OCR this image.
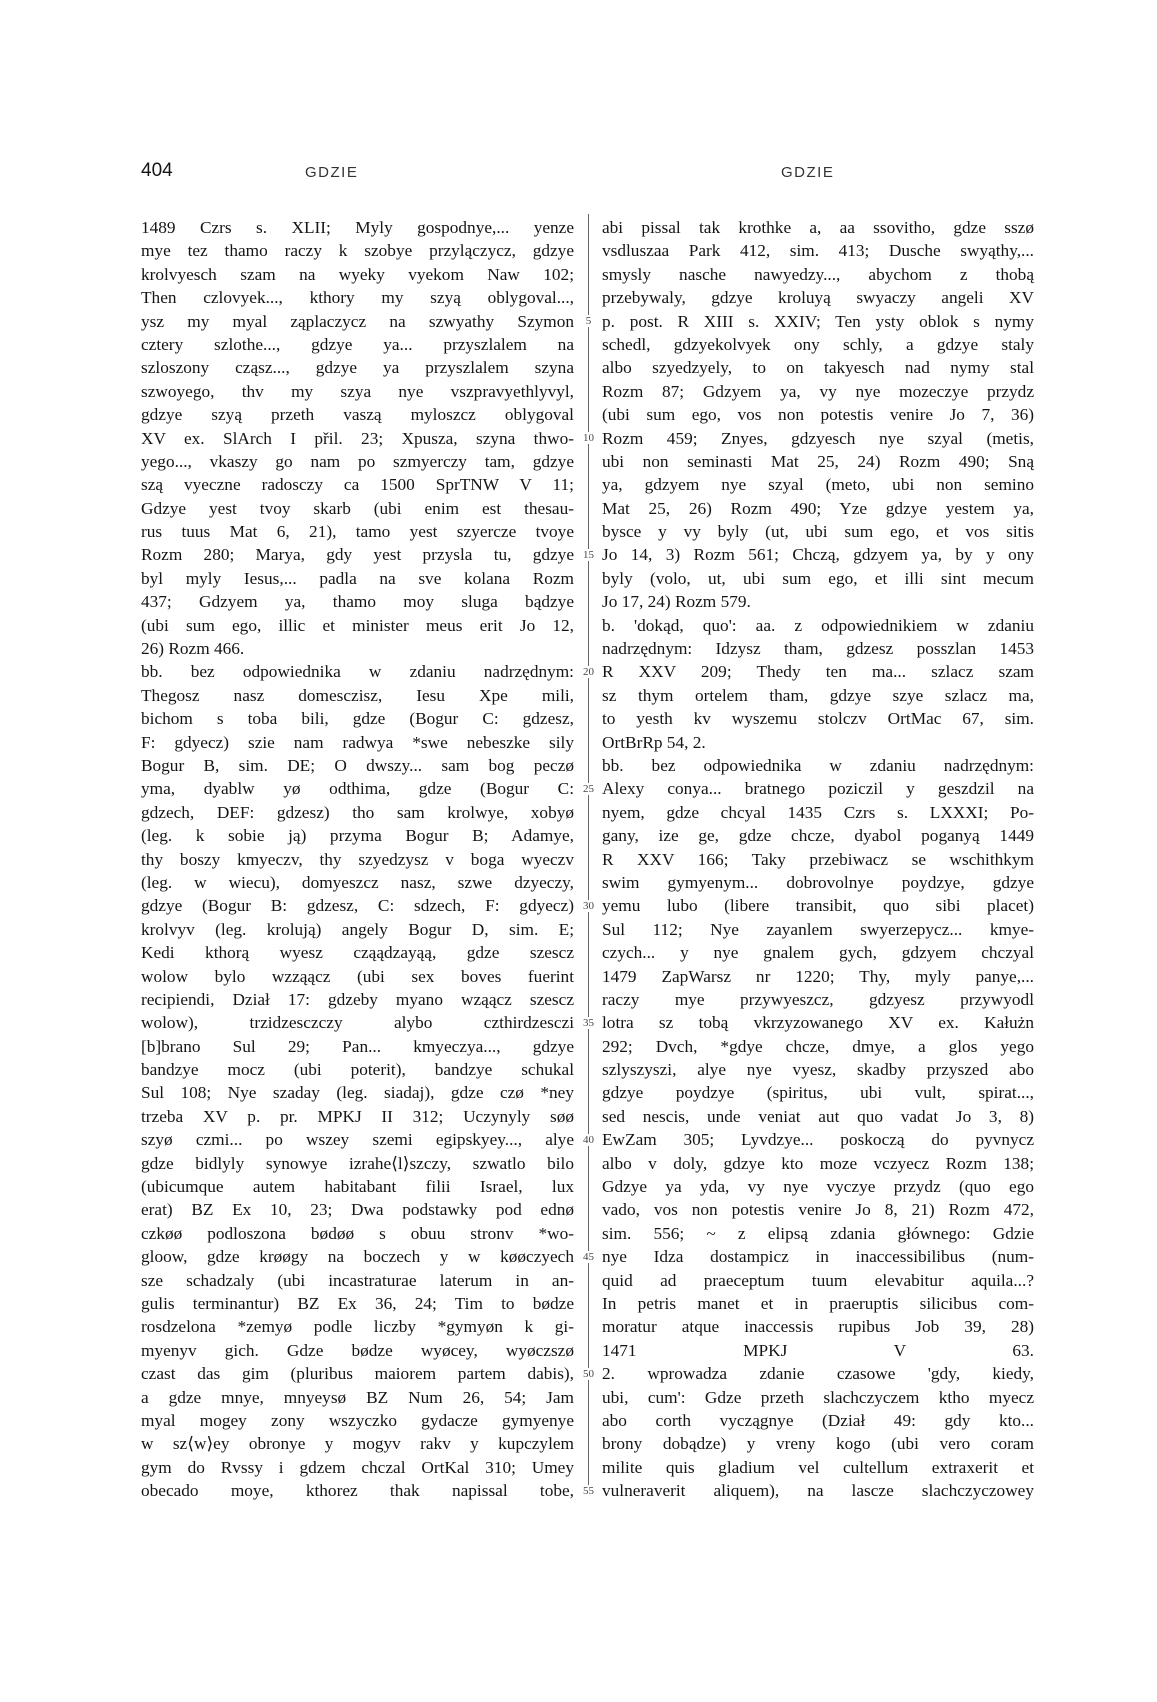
404	GDZIE	GDZIE
1489 Czrs s. XLII; Myly gospodnye,... yenze
mye tez thamo raczy k szobye przylączycz, gdzye
krolvyesch szam na wyeky vyekom Naw 102;
Then czlovyek..., kthory my szyą oblygoval...,
ysz my myal ząplaczycz na szwyathy Szymon
cztery szlothe..., gdzye ya... przyszlalem na
szloszony cząsz..., gdzye ya przyszlalem szyna
szwoyego, thv my szya nye vszpravyethlyvyl,
gdzye szyą przeth vaszą myloszcz oblygoval
XV ex. SlArch I přil. 23; Xpusza, szyna thwo-
yego..., vkaszy go nam po szmyerczy tam, gdzye
szą vyeczne radosczy ca 1500 SprTNW V 11;
Gdzye yest tvoy skarb (ubi enim est thesau-
rus tuus Mat 6, 21), tamo yest szyercze tvoye
Rozm 280; Marya, gdy yest przysla tu, gdzye
byl myly Iesus,... padla na sve kolana Rozm
437; Gdzyem ya, thamo moy sluga bądzye
(ubi sum ego, illic et minister meus erit Jo 12,
26) Rozm 466.
bb. bez odpowiednika w zdaniu nadrzędnym:
Thegosz nasz domesczisz, Iesu Xpe mili,
bichom s toba bili, gdze (Bogur C: gdzesz,
F: gdyecz) szie nam radwya *swe nebeszke sily
Bogur B, sim. DE; O dwszy... sam bog peczø
yma, dyablw yø odthima, gdze (Bogur C:
gdzech, DEF: gdzesz) tho sam krolwye, xobyø
(leg. k sobie ją) przyma Bogur B; Adamye,
thy boszy kmyeczv, thy szyedzysz v boga wyeczv
(leg. w wiecu), domyeszcz nasz, szwe dzyeczy,
gdzye (Bogur B: gdzesz, C: sdzech, F: gdyecz)
krolvyv (leg. krolują) angely Bogur D, sim. E;
Kedi kthorą wyesz cząądzayąą, gdze szescz
wolow bylo wzząącz (ubi sex boves fuerint
recipiendi, Dział 17: gdzeby myano wząącz szescz
wolow), trzidzesczczy alybo czthirdzesczi
[b]brano Sul 29; Pan... kmyeczya..., gdzye
bandzye mocz (ubi poterit), bandzye schukal
Sul 108; Nye szaday (leg. siadaj), gdze czø *ney
trzeba XV p. pr. MPKJ II 312; Uczynyly søø
szyø czmi... po wszey szemi egipskyey..., alye
gdze bidlyly synowye izrahe⟨l⟩szczy, szwatlo bilo
(ubicumque autem habitabant filii Israel, lux
erat) BZ Ex 10, 23; Dwa podstawky pod ednø
czkøø podloszona bødøø s obuu stronv *wo-
gloow, gdze krøøgy na boczech y w køøczyech
sze schadzaly (ubi incastraturae laterum in an-
gulis terminantur) BZ Ex 36, 24; Tim to bødze
rosdzelona *zemyø podle liczby *gymyøn k gi-
myenyv gich. Gdze bødze wyøcey, wyøczszø
czast das gim (pluribus maiorem partem dabis),
a gdze mnye, mnyeysø BZ Num 26, 54; Jam
myal mogey zony wszyczko gydacze gymyenye
w sz⟨w⟩ey obronye y mogyv rakv y kupczylem
gym do Rvssy i gdzem chczal OrtKal 310; Umey
obecado moye, kthorez thak napissal tobe,
5
10
15
20
25
30
35
40
45
50
55
abi pissal tak krothke a, aa ssovitho, gdze sszø
vsdluszaa Park 412, sim. 413; Dusche swyąthy,...
smysly nasche nawyedzy..., abychom z thobą
przebywaly, gdzye kroluyą swyaczy angeli XV
p. post. R XIII s. XXIV; Ten ysty oblok s nymy
schedl, gdzyekolvyek ony schly, a gdzye staly
albo szyedzyely, to on takyesch nad nymy stal
Rozm 87; Gdzyem ya, vy nye mozeczye przydz
(ubi sum ego, vos non potestis venire Jo 7, 36)
Rozm 459; Znyes, gdzyesch nye szyal (metis,
ubi non seminasti Mat 25, 24) Rozm 490; Sną
ya, gdzyem nye szyal (meto, ubi non semino
Mat 25, 26) Rozm 490; Yze gdzye yestem ya,
bysce y vy byly (ut, ubi sum ego, et vos sitis
Jo 14, 3) Rozm 561; Chczą, gdzyem ya, by y ony
byly (volo, ut, ubi sum ego, et illi sint mecum
Jo 17, 24) Rozm 579.
b. 'dokąd, quo': aa. z odpowiednikiem w zdaniu
nadrzędnym: Idzysz tham, gdzesz posszlan 1453
R XXV 209; Thedy ten ma... szlacz szam
sz thym ortelem tham, gdzye szye szlacz ma,
to yesth kv wyszemu stolczv OrtMac 67, sim.
OrtBrRp 54, 2.
bb. bez odpowiednika w zdaniu nadrzędnym:
Alexy conya... bratnego poziczil y geszdzil na
nyem, gdze chcyal 1435 Czrs s. LXXXI; Po-
gany, ize ge, gdze chcze, dyabol poganyą 1449
R XXV 166; Taky przebiwacz se wschithkym
swim gymyenym... dobrovolnye poydzye, gdzye
yemu lubo (libere transibit, quo sibi placet)
Sul 112; Nye zayanlem swyerzepycz... kmye-
czych... y nye gnalem gych, gdzyem chczyal
1479 ZapWarsz nr 1220; Thy, myly panye,...
raczy mye przywyeszcz, gdzyesz przywyodl
lotra sz tobą vkrzyzowanego XV ex. Kałużn
292; Dvch, *gdye chcze, dmye, a glos yego
szlyszyszi, alye nye vyesz, skadby przyszed abo
gdzye poydzye (spiritus, ubi vult, spirat...,
sed nescis, unde veniat aut quo vadat Jo 3, 8)
EwZam 305; Lyvdzye... poskoczą do pyvnycz
albo v doly, gdzye kto moze vczyecz Rozm 138;
Gdzye ya yda, vy nye vyczye przydz (quo ego
vado, vos non potestis venire Jo 8, 21) Rozm 472,
sim. 556; ~ z elipsą zdania głównego: Gdzie
nye Idza dostampicz in inaccessibilibus (num-
quid ad praeceptum tuum elevabitur aquila...?
In petris manet et in praeruptis silicibus com-
moratur atque inaccessis rupibus Job 39, 28)
1471 MPKJ V 63.
2. wprowadza zdanie czasowe 'gdy, kiedy,
ubi, cum': Gdze przeth slachczyczem ktho myecz
abo corth vyczągnye (Dział 49: gdy kto...
brony dobądze) y vreny kogo (ubi vero coram
milite quis gladium vel cultellum extraxerit et
vulneraverit aliquem), na lascze slachczyczowey
